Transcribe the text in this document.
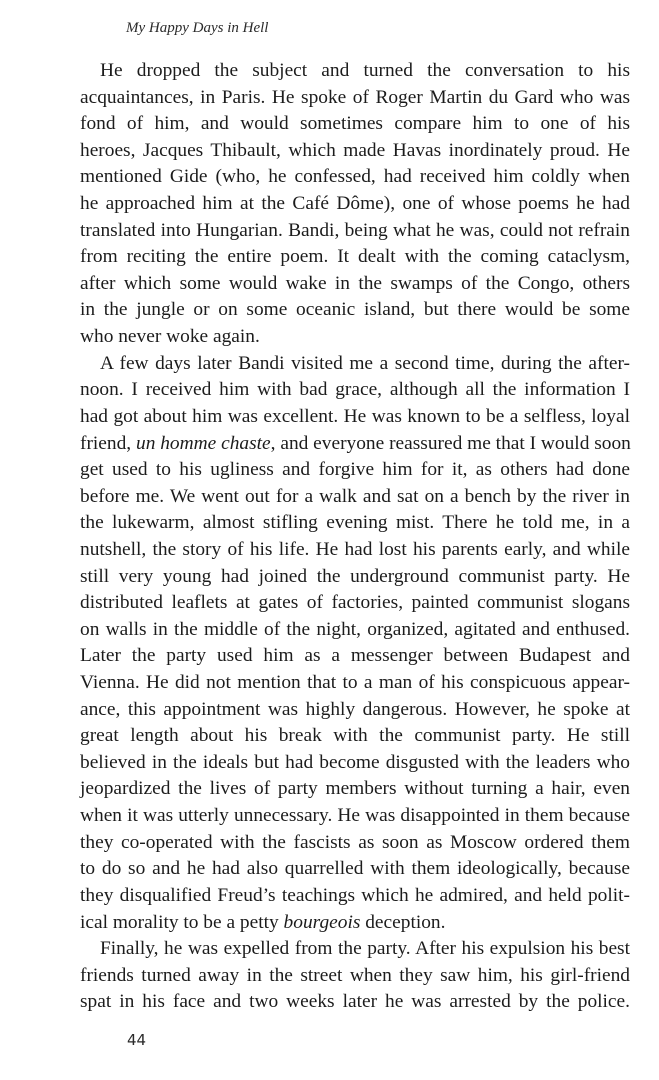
My Happy Days in Hell
He dropped the subject and turned the conversation to his
acquaintances, in Paris. He spoke of Roger Martin du Gard who was
fond of him, and would sometimes compare him to one of his
heroes, Jacques Thibault, which made Havas inordinately proud. He
mentioned Gide (who, he confessed, had received him coldly when
he approached him at the Café Dôme), one of whose poems he had
translated into Hungarian. Bandi, being what he was, could not refrain
from reciting the entire poem. It dealt with the coming cataclysm,
after which some would wake in the swamps of the Congo, others
in the jungle or on some oceanic island, but there would be some
who never woke again.
A few days later Bandi visited me a second time, during the after-
noon. I received him with bad grace, although all the information I
had got about him was excellent. He was known to be a selfless, loyal
friend, un homme chaste, and everyone reassured me that I would soon
get used to his ugliness and forgive him for it, as others had done
before me. We went out for a walk and sat on a bench by the river in
the lukewarm, almost stifling evening mist. There he told me, in a
nutshell, the story of his life. He had lost his parents early, and while
still very young had joined the underground communist party. He
distributed leaflets at gates of factories, painted communist slogans
on walls in the middle of the night, organized, agitated and enthused.
Later the party used him as a messenger between Budapest and
Vienna. He did not mention that to a man of his conspicuous appear-
ance, this appointment was highly dangerous. However, he spoke at
great length about his break with the communist party. He still
believed in the ideals but had become disgusted with the leaders who
jeopardized the lives of party members without turning a hair, even
when it was utterly unnecessary. He was disappointed in them because
they co-operated with the fascists as soon as Moscow ordered them
to do so and he had also quarrelled with them ideologically, because
they disqualified Freud’s teachings which he admired, and held polit-
ical morality to be a petty bourgeois deception.
Finally, he was expelled from the party. After his expulsion his best
friends turned away in the street when they saw him, his girl-friend
spat in his face and two weeks later he was arrested by the police.
44
